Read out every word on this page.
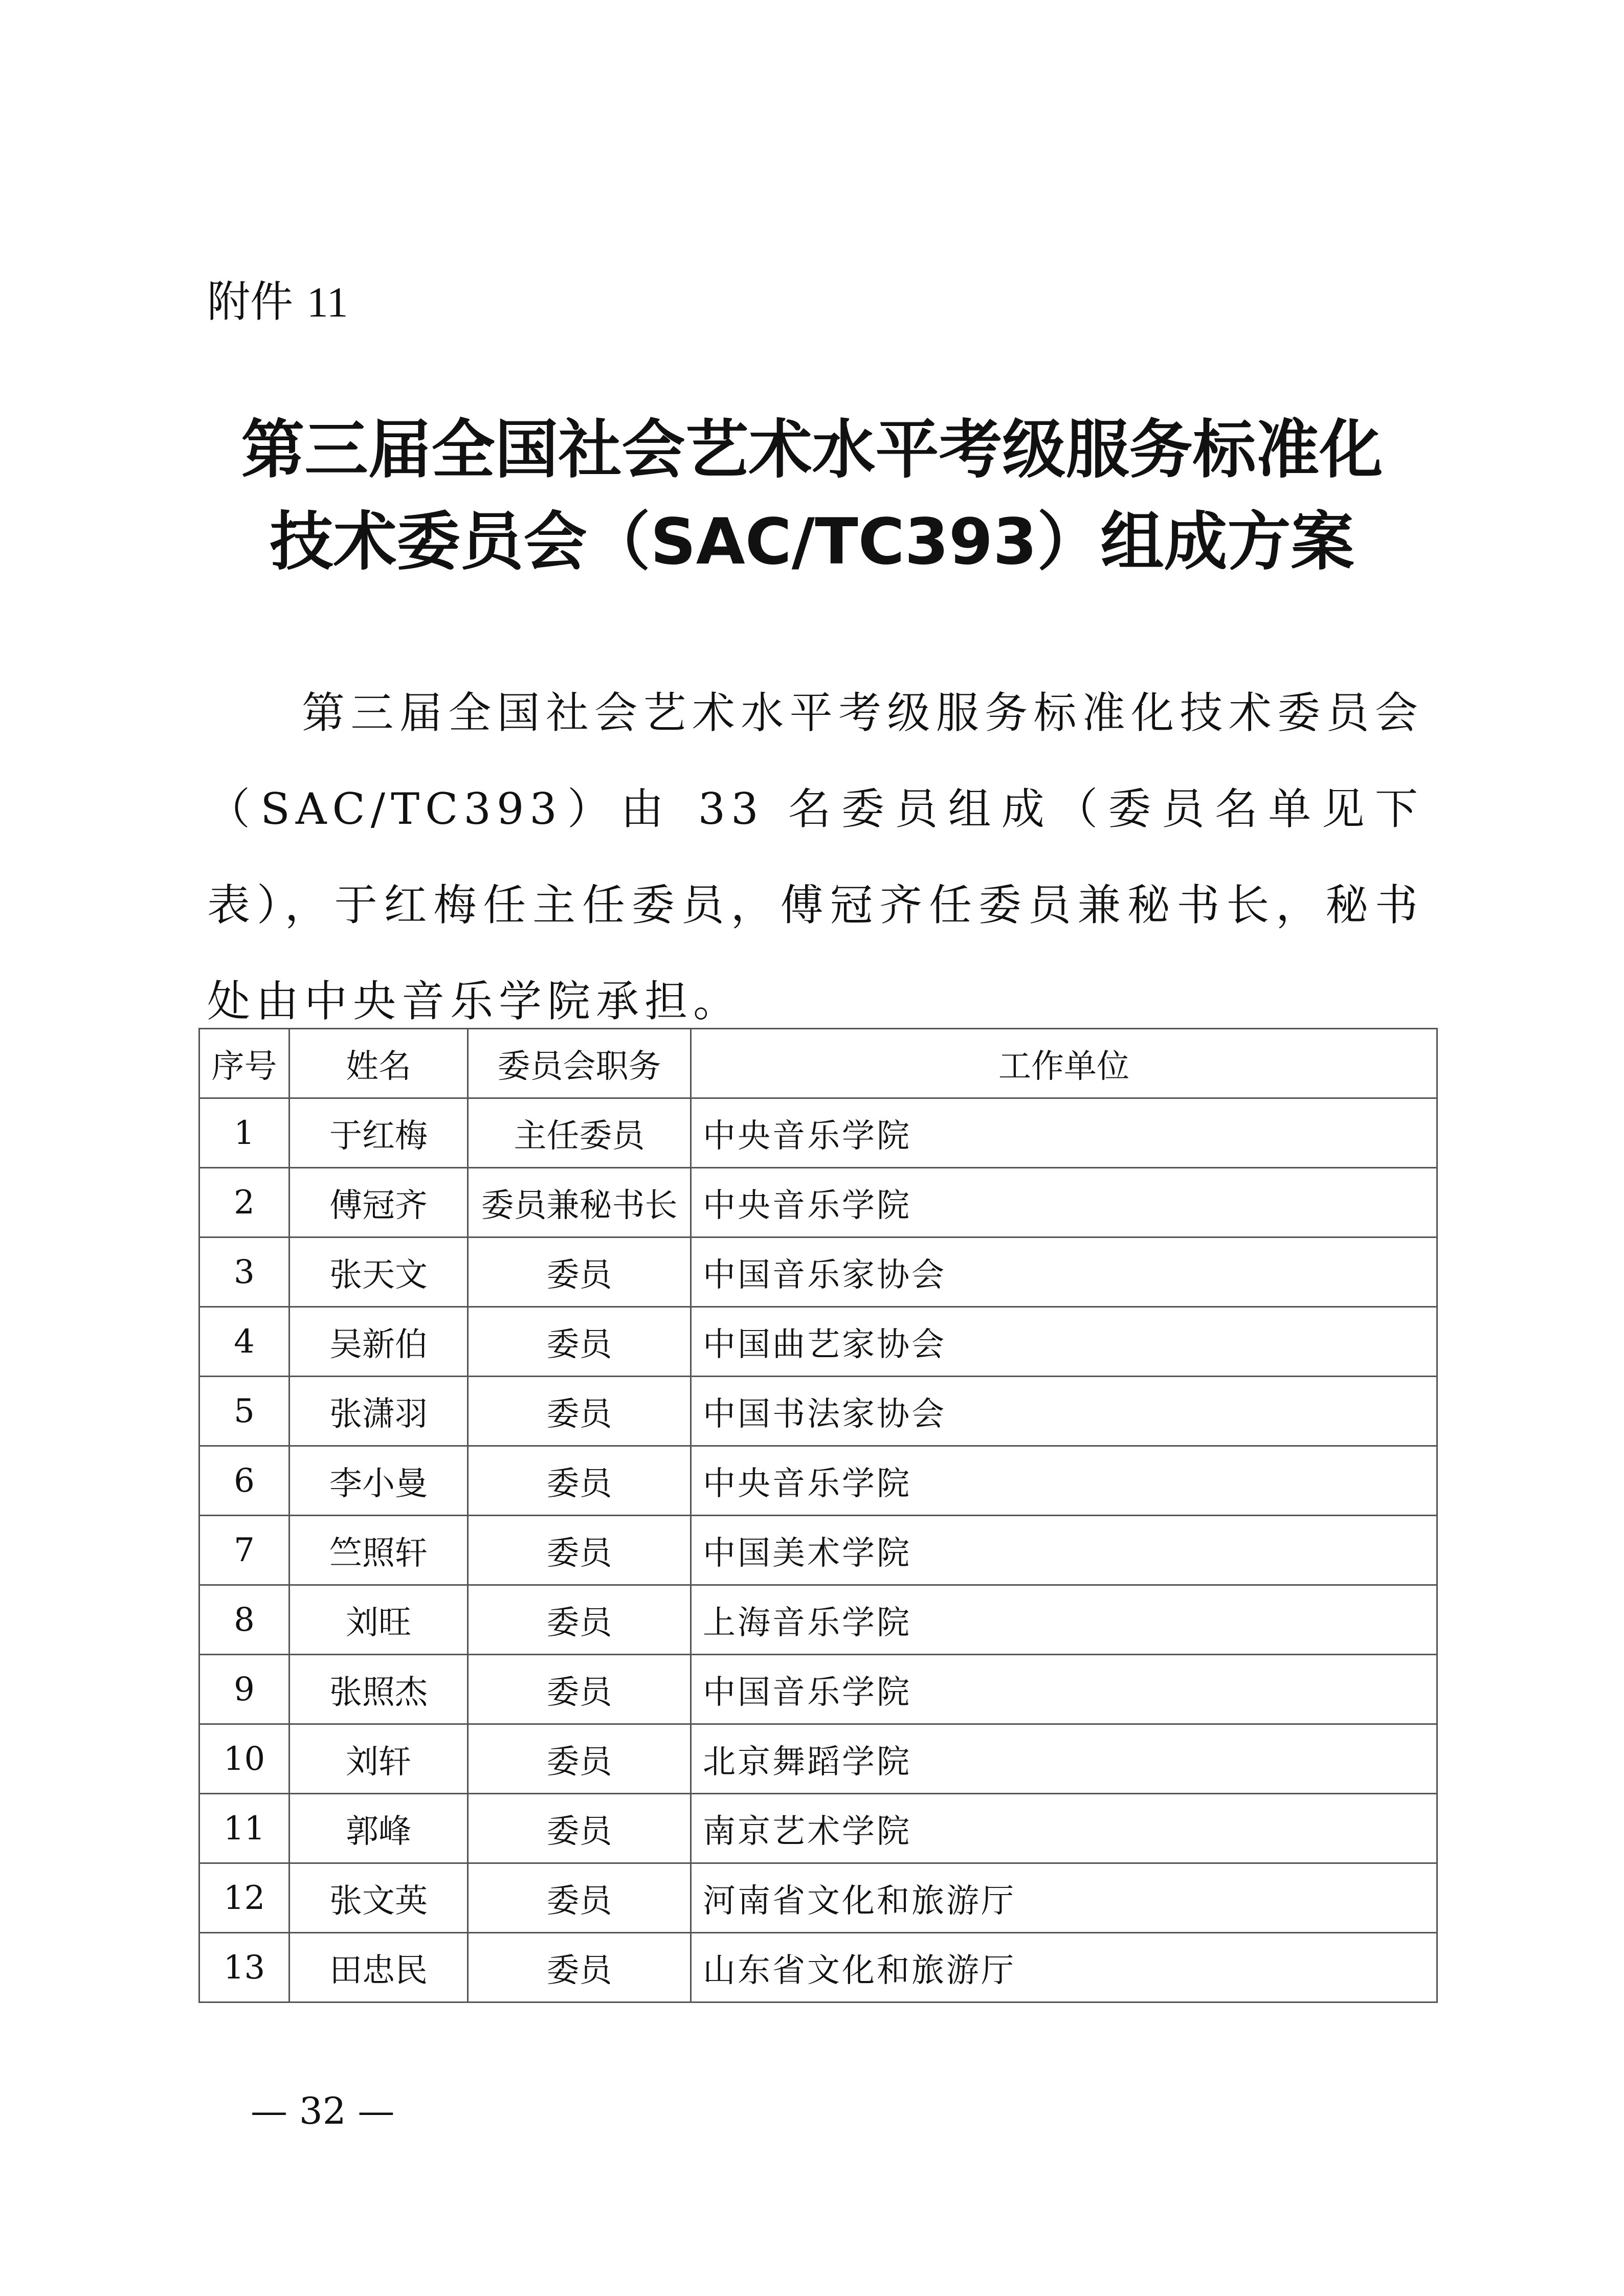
附件 11
第三届全国社会艺术水平考级服务标准化
技术委员会（SAC/TC393）组成方案

第三届全国社会艺术水平考级服务标准化技术委员会（SAC/TC393）由 33 名委员组成（委员名单见下表），于红梅任主任委员，傅冠齐任委员兼秘书长，秘书处由中央音乐学院承担。

序号	姓名	委员会职务	工作单位
1	于红梅	主任委员	中央音乐学院
2	傅冠齐	委员兼秘书长	中央音乐学院
3	张天文	委员	中国音乐家协会
4	吴新伯	委员	中国曲艺家协会
5	张潇羽	委员	中国书法家协会
6	李小曼	委员	中央音乐学院
7	竺照轩	委员	中国美术学院
8	刘旺	委员	上海音乐学院
9	张照杰	委员	中国音乐学院
10	刘轩	委员	北京舞蹈学院
11	郭峰	委员	南京艺术学院
12	张文英	委员	河南省文化和旅游厅
13	田忠民	委员	山东省文化和旅游厅
— 32 —
